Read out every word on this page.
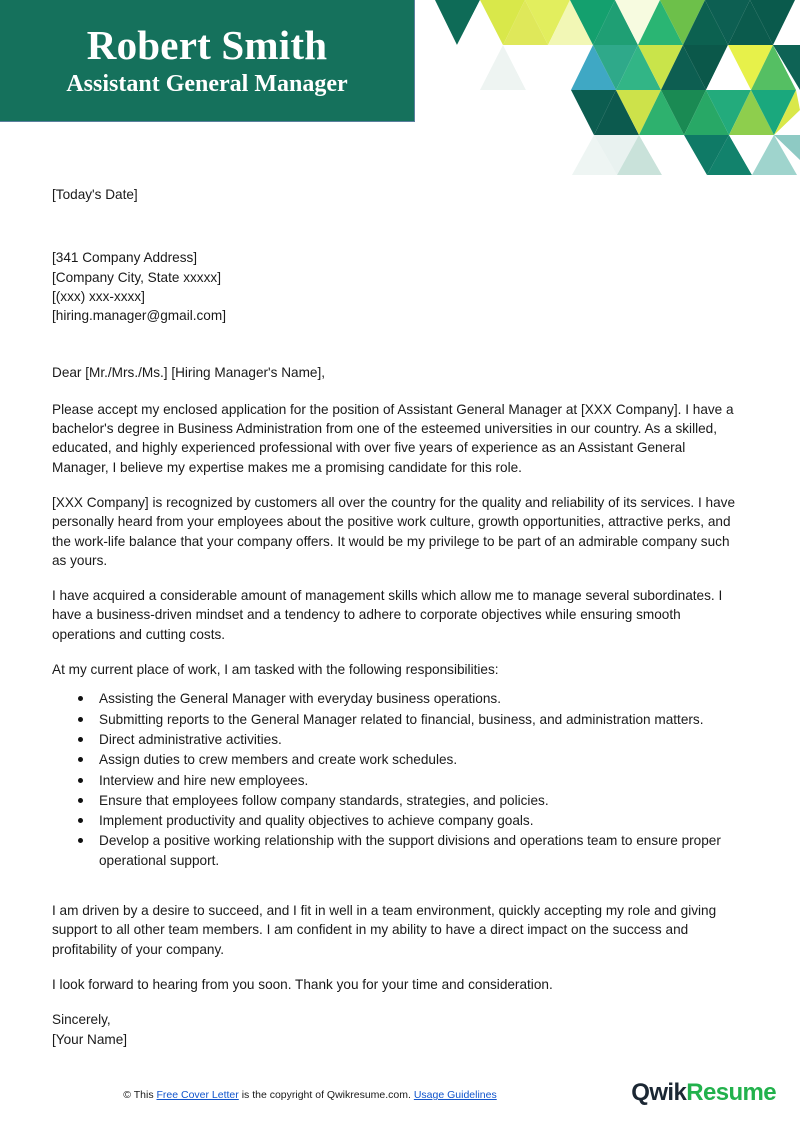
Robert Smith
Assistant General Manager
[Today's Date]
[341 Company Address]
[Company City, State xxxxx]
[(xxx) xxx-xxxx]
[hiring.manager@gmail.com]
Dear [Mr./Mrs./Ms.] [Hiring Manager's Name],

Please accept my enclosed application for the position of Assistant General Manager at [XXX Company]. I have a bachelor's degree in Business Administration from one of the esteemed universities in our country. As a skilled, educated, and highly experienced professional with over five years of experience as an Assistant General Manager, I believe my expertise makes me a promising candidate for this role.

[XXX Company] is recognized by customers all over the country for the quality and reliability of its services. I have personally heard from your employees about the positive work culture, growth opportunities, attractive perks, and the work-life balance that your company offers. It would be my privilege to be part of an admirable company such as yours.

I have acquired a considerable amount of management skills which allow me to manage several subordinates. I have a business-driven mindset and a tendency to adhere to corporate objectives while ensuring smooth operations and cutting costs.

At my current place of work, I am tasked with the following responsibilities:

Assisting the General Manager with everyday business operations.
Submitting reports to the General Manager related to financial, business, and administration matters.
Direct administrative activities.
Assign duties to crew members and create work schedules.
Interview and hire new employees.
Ensure that employees follow company standards, strategies, and policies.
Implement productivity and quality objectives to achieve company goals.
Develop a positive working relationship with the support divisions and operations team to ensure proper operational support.

I am driven by a desire to succeed, and I fit in well in a team environment, quickly accepting my role and giving support to all other team members. I am confident in my ability to have a direct impact on the success and profitability of your company.

I look forward to hearing from you soon. Thank you for your time and consideration.

Sincerely,
[Your Name]
© This Free Cover Letter is the copyright of Qwikresume.com. Usage Guidelines	QwikResume
